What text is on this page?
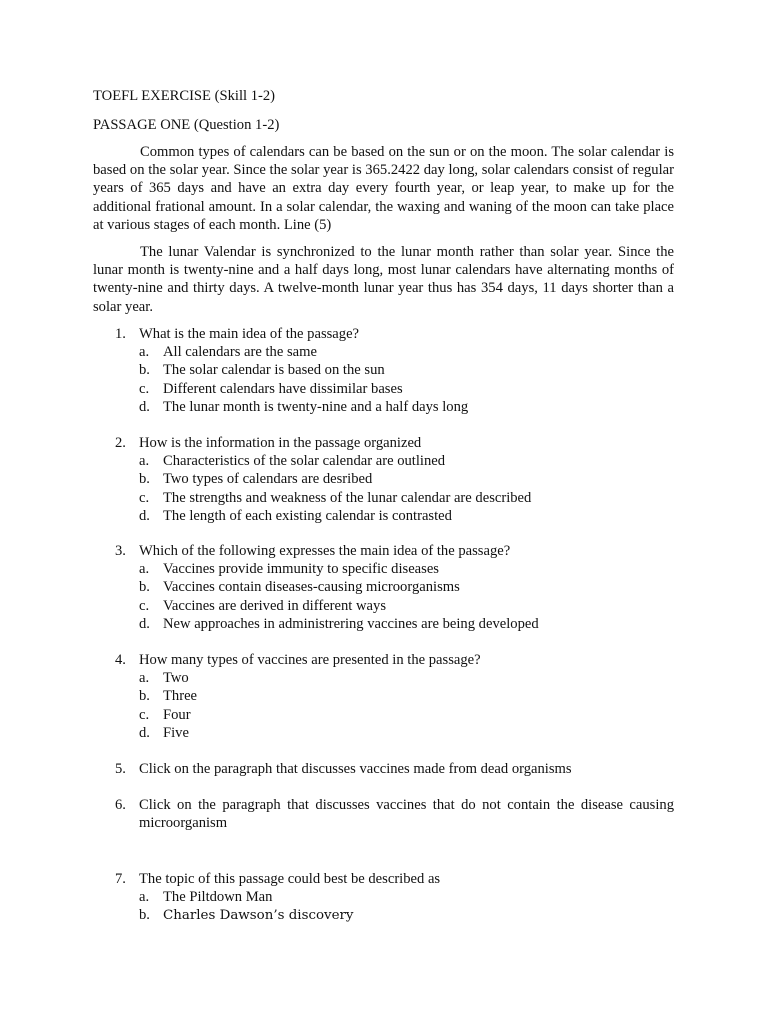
TOEFL EXERCISE (Skill 1-2)
PASSAGE ONE (Question 1-2)
Common types of calendars can be based on the sun or on the moon. The solar calendar is based on the solar year. Since the solar year is 365.2422 day long, solar calendars consist of regular years of 365 days and have an extra day every fourth year, or leap year, to make up for the additional frational amount. In a solar calendar, the waxing and waning of the moon can take place at various stages of each month. Line (5)
The lunar Valendar is synchronized to the lunar month rather than solar year. Since the lunar month is twenty-nine and a half days long, most lunar calendars have alternating months of twenty-nine and thirty days. A twelve-month lunar year thus has 354 days, 11 days shorter than a solar year.
1. What is the main idea of the passage?
a. All calendars are the same
b. The solar calendar is based on the sun
c. Different calendars have dissimilar bases
d. The lunar month is twenty-nine and a half days long
2. How is the information in the passage organized
a. Characteristics of the solar calendar are outlined
b. Two types of calendars are desribed
c. The strengths and weakness of the lunar calendar are described
d. The length of each existing calendar is contrasted
3. Which of the following expresses the main idea of the passage?
a. Vaccines provide immunity to specific diseases
b. Vaccines contain diseases-causing microorganisms
c. Vaccines are derived in different ways
d. New approaches in administrering vaccines are being developed
4. How many types of vaccines are presented in the passage?
a. Two
b. Three
c. Four
d. Five
5. Click on the paragraph that discusses vaccines made from dead organisms
6. Click on the paragraph that discusses vaccines that do not contain the disease causing microorganism
7. The topic of this passage could best be described as
a. The Piltdown Man
b. Charles Dawson’s discovery
